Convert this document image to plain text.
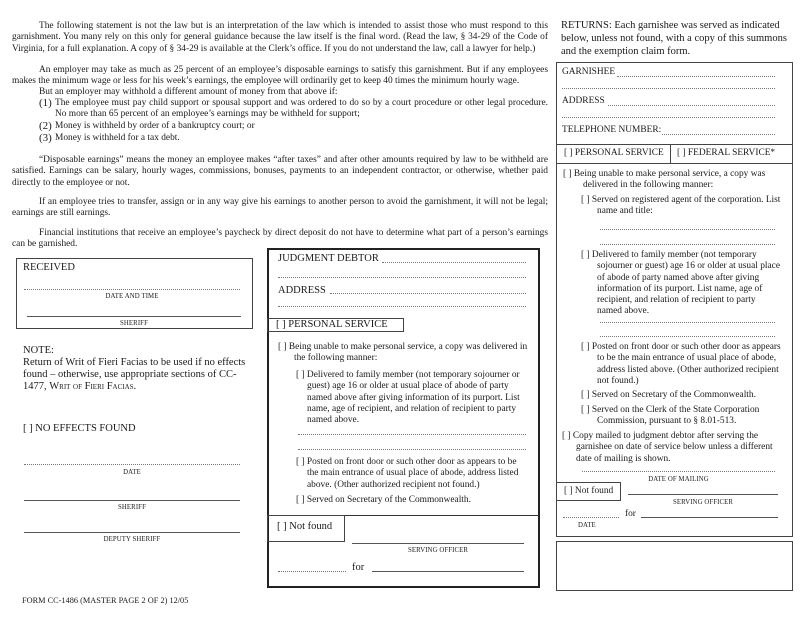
The following statement is not the law but is an interpretation of the law which is intended to assist those who must respond to this garnishment. You many rely on this only for general guidance because the law itself is the final word. (Read the law, § 34-29 of the Code of Virginia, for a full explanation. A copy of § 34-29 is available at the Clerk’s office. If you do not understand the law, call a lawyer for help.)
An employer may take as much as 25 percent of an employee’s disposable earnings to satisfy this garnishment. But if any employees makes the minimum wage or less for his week’s earnings, the employee will ordinarily get to keep 40 times the minimum hourly wage.
But an employer may withhold a different amount of money from that above if:
(1) The employee must pay child support or spousal support and was ordered to do so by a court procedure or other legal procedure. No more than 65 percent of an employee’s earnings may be withheld for support;
(2) Money is withheld by order of a bankruptcy court; or
(3) Money is withheld for a tax debt.
“Disposable earnings” means the money an employee makes “after taxes” and after other amounts required by law to be withheld are satisfied. Earnings can be salary, hourly wages, commissions, bonuses, payments to an independent contractor, or otherwise, whether paid directly to the employee or not.
If an employee tries to transfer, assign or in any way give his earnings to another person to avoid the garnishment, it will not be legal; earnings are still earnings.
Financial institutions that receive an employee’s paycheck by direct deposit do not have to determine what part of a person’s earnings can be garnished.
RECEIVED
DATE AND TIME
SHERIFF
NOTE:
Return of Writ of Fieri Facias to be used if no effects found – otherwise, use appropriate sections of CC-1477, Writ of Fieri Facias.
[ ] NO EFFECTS FOUND
DATE
SHERIFF
DEPUTY SHERIFF
FORM CC-1486 (MASTER PAGE 2 OF 2) 12/05
JUDGMENT DEBTOR
ADDRESS
[ ] PERSONAL SERVICE
[ ] Being unable to make personal service, a copy was delivered in the following manner:
[ ] Delivered to family member (not temporary sojourner or guest) age 16 or older at usual place of abode of party named above after giving information of its purport. List name, age of recipient, and relation of recipient to party named above.
[ ] Posted on front door or such other door as appears to be the main entrance of usual place of abode, address listed above. (Other authorized recipient not found.)
[ ] Served on Secretary of the Commonwealth.
[ ] Not found
SERVING OFFICER
for
RETURNS: Each garnishee was served as indicated below, unless not found, with a copy of this summons and the exemption claim form.
GARNISHEE
ADDRESS
TELEPHONE NUMBER:
[ ] PERSONAL SERVICE [ ] FEDERAL SERVICE*
[ ] Being unable to make personal service, a copy was delivered in the following manner:
[ ] Served on registered agent of the corporation. List name and title:
[ ] Delivered to family member (not temporary sojourner or guest) age 16 or older at usual place of abode of party named above after giving information of its purport. List name, age of recipient, and relation of recipient to party named above.
[ ] Posted on front door or such other door as appears to be the main entrance of usual place of abode, address listed above. (Other authorized recipient not found.)
[ ] Served on Secretary of the Commonwealth.
[ ] Served on the Clerk of the State Corporation Commission, pursuant to § 8.01-513.
[ ] Copy mailed to judgment debtor after serving the garnishee on date of service below unless a different date of mailing is shown.
DATE OF MAILING
[ ] Not found
SERVING OFFICER
for
DATE
